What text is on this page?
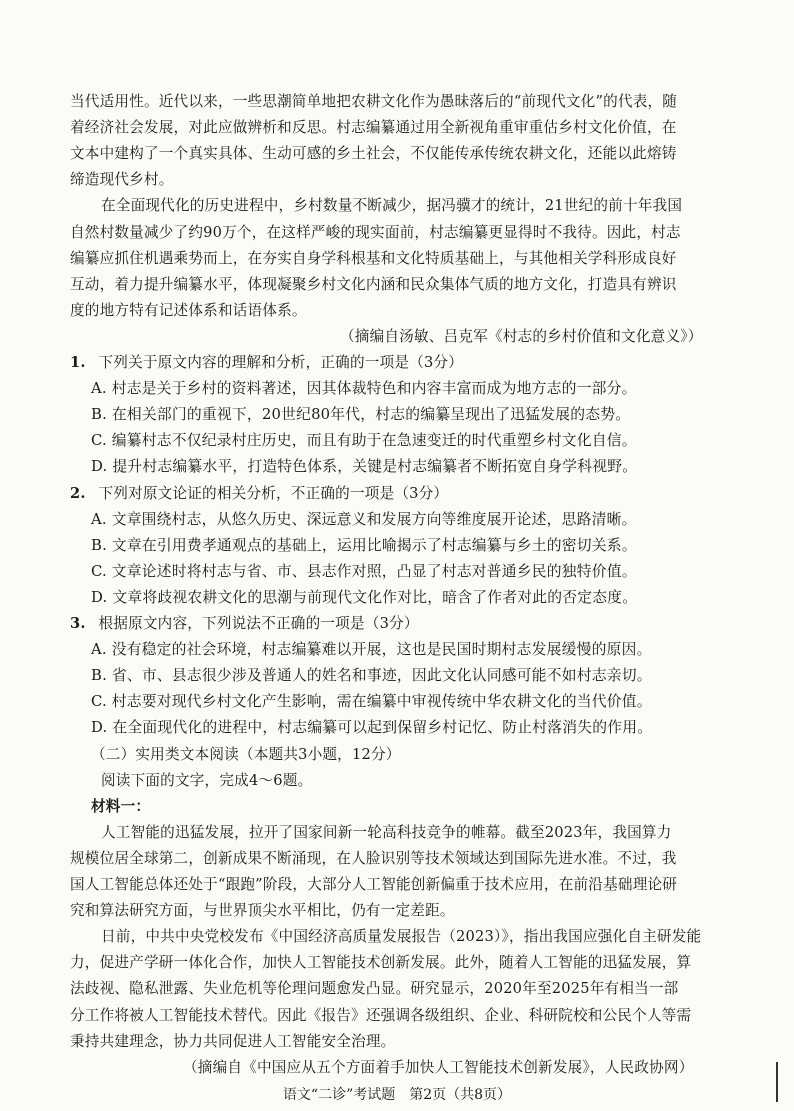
当代适用性。近代以来，一些思潮简单地把农耕文化作为愚昧落后的“前现代文化”的代表，随
着经济社会发展，对此应做辨析和反思。村志编纂通过用全新视角重审重估乡村文化价值，在
文本中建构了一个真实具体、生动可感的乡土社会，不仅能传承传统农耕文化，还能以此熔铸
缔造现代乡村。
在全面现代化的历史进程中，乡村数量不断减少，据冯骥才的统计，21世纪的前十年我国
自然村数量减少了约90万个，在这样严峻的现实面前，村志编纂更显得时不我待。因此，村志
编纂应抓住机遇乘势而上，在夯实自身学科根基和文化特质基础上，与其他相关学科形成良好
互动，着力提升编纂水平，体现凝聚乡村文化内涵和民众集体气质的地方文化，打造具有辨识
度的地方特有记述体系和话语体系。
（摘编自汤敏、吕克军《村志的乡村价值和文化意义》）
1. 下列关于原文内容的理解和分析，正确的一项是（3分）
A. 村志是关于乡村的资料著述，因其体裁特色和内容丰富而成为地方志的一部分。
B. 在相关部门的重视下，20世纪80年代，村志的编纂呈现出了迅猛发展的态势。
C. 编纂村志不仅纪录村庄历史，而且有助于在急速变迁的时代重塑乡村文化自信。
D. 提升村志编纂水平，打造特色体系，关键是村志编纂者不断拓宽自身学科视野。
2. 下列对原文论证的相关分析，不正确的一项是（3分）
A. 文章围绕村志，从悠久历史、深远意义和发展方向等维度展开论述，思路清晰。
B. 文章在引用费孝通观点的基础上，运用比喻揭示了村志编纂与乡土的密切关系。
C. 文章论述时将村志与省、市、县志作对照，凸显了村志对普通乡民的独特价值。
D. 文章将歧视农耕文化的思潮与前现代文化作对比，暗含了作者对此的否定态度。
3. 根据原文内容，下列说法不正确的一项是（3分）
A. 没有稳定的社会环境，村志编纂难以开展，这也是民国时期村志发展缓慢的原因。
B. 省、市、县志很少涉及普通人的姓名和事迹，因此文化认同感可能不如村志亲切。
C. 村志要对现代乡村文化产生影响，需在编纂中审视传统中华农耕文化的当代价值。
D. 在全面现代化的进程中，村志编纂可以起到保留乡村记忆、防止村落消失的作用。
（二）实用类文本阅读（本题共3小题，12分）
阅读下面的文字，完成4～6题。
材料一：
人工智能的迅猛发展，拉开了国家间新一轮高科技竞争的帷幕。截至2023年，我国算力
规模位居全球第二，创新成果不断涌现，在人脸识别等技术领域达到国际先进水准。不过，我
国人工智能总体还处于“跟跑”阶段，大部分人工智能创新偏重于技术应用，在前沿基础理论研
究和算法研究方面，与世界顶尖水平相比，仍有一定差距。
日前，中共中央党校发布《中国经济高质量发展报告（2023）》，指出我国应强化自主研发能
力，促进产学研一体化合作，加快人工智能技术创新发展。此外，随着人工智能的迅猛发展，算
法歧视、隐私泄露、失业危机等伦理问题愈发凸显。研究显示，2020年至2025年有相当一部
分工作将被人工智能技术替代。因此《报告》还强调各级组织、企业、科研院校和公民个人等需
秉持共建理念，协力共同促进人工智能安全治理。
（摘编自《中国应从五个方面着手加快人工智能技术创新发展》，人民政协网）
语文“二诊”考试题　第2页（共8页）
